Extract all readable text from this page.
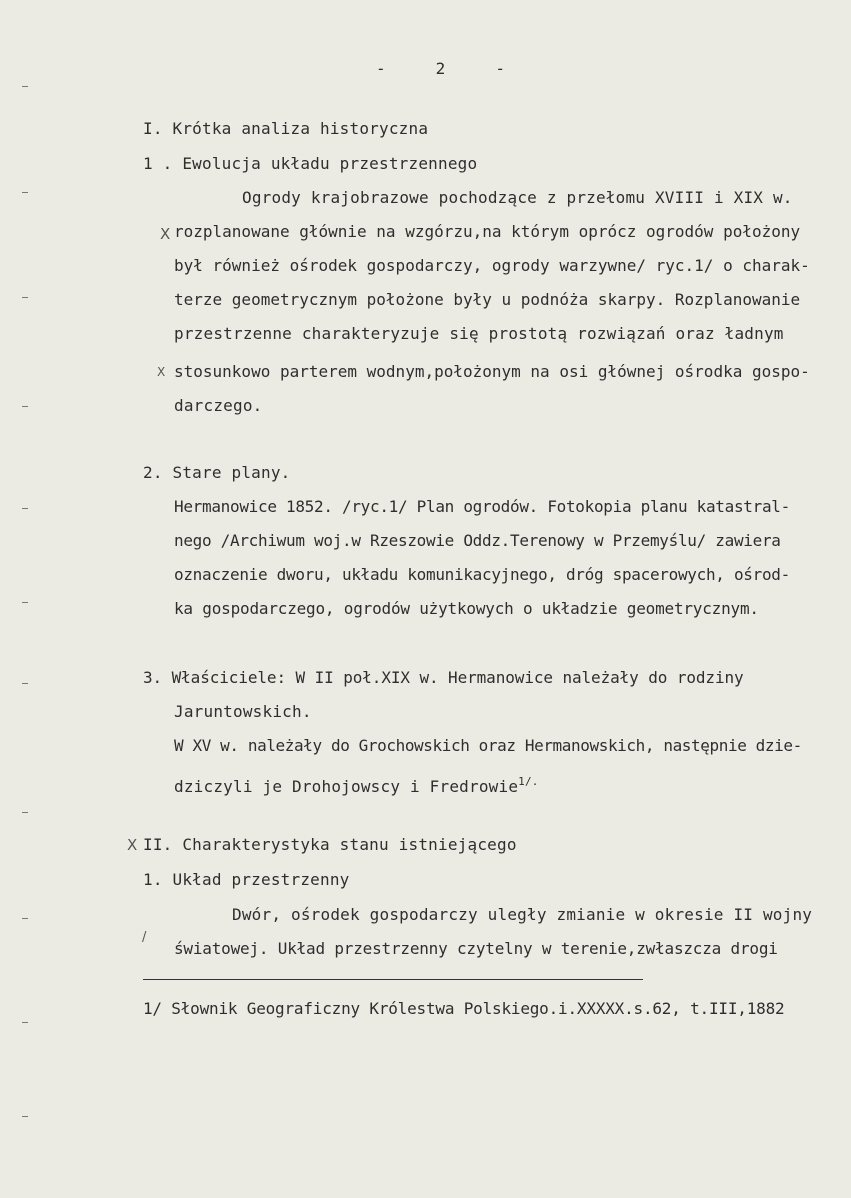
- 2 -
I. Krótka analiza historyczna
1 . Ewolucja układu przestrzennego
Ogrody krajobrazowe pochodzące z przełomu XVIII i XIX w.
rozplanowane głównie na wzgórzu,na którym oprócz ogrodów położony
był również ośrodek gospodarczy, ogrody warzywne/ ryc.1/ o charak-
terze geometrycznym położone były u podnóża skarpy. Rozplanowanie
przestrzenne charakteryzuje się prostotą rozwiązań oraz ładnym
stosunkowo parterem wodnym,położonym na osi głównej ośrodka gospo-
darczego.
2. Stare plany.
Hermanowice 1852. /ryc.1/ Plan ogrodów. Fotokopia planu katastral-
nego /Archiwum woj.w Rzeszowie Oddz.Terenowy w Przemyślu/ zawiera
oznaczenie dworu, układu komunikacyjnego, dróg spacerowych, ośrod-
ka gospodarczego, ogrodów użytkowych o układzie geometrycznym.
3. Właściciele: W II poł.XIX w. Hermanowice należały do rodziny
Jaruntowskich.
W XV w. należały do Grochowskich oraz Hermanowskich, następnie dzie-
dziczyli je Drohojowscy i Fredrowie$^{1/.}$
II. Charakterystyka stanu istniejącego
1. Układ przestrzenny
Dwór, ośrodek gospodarczy uległy zmianie w okresie II wojny
światowej. Układ przestrzenny czytelny w terenie,zwłaszcza drogi
1/ Słownik Geograficzny Królestwa Polskiego.i.XXXXX.s.62, t.III,1882
X
X
X
/
